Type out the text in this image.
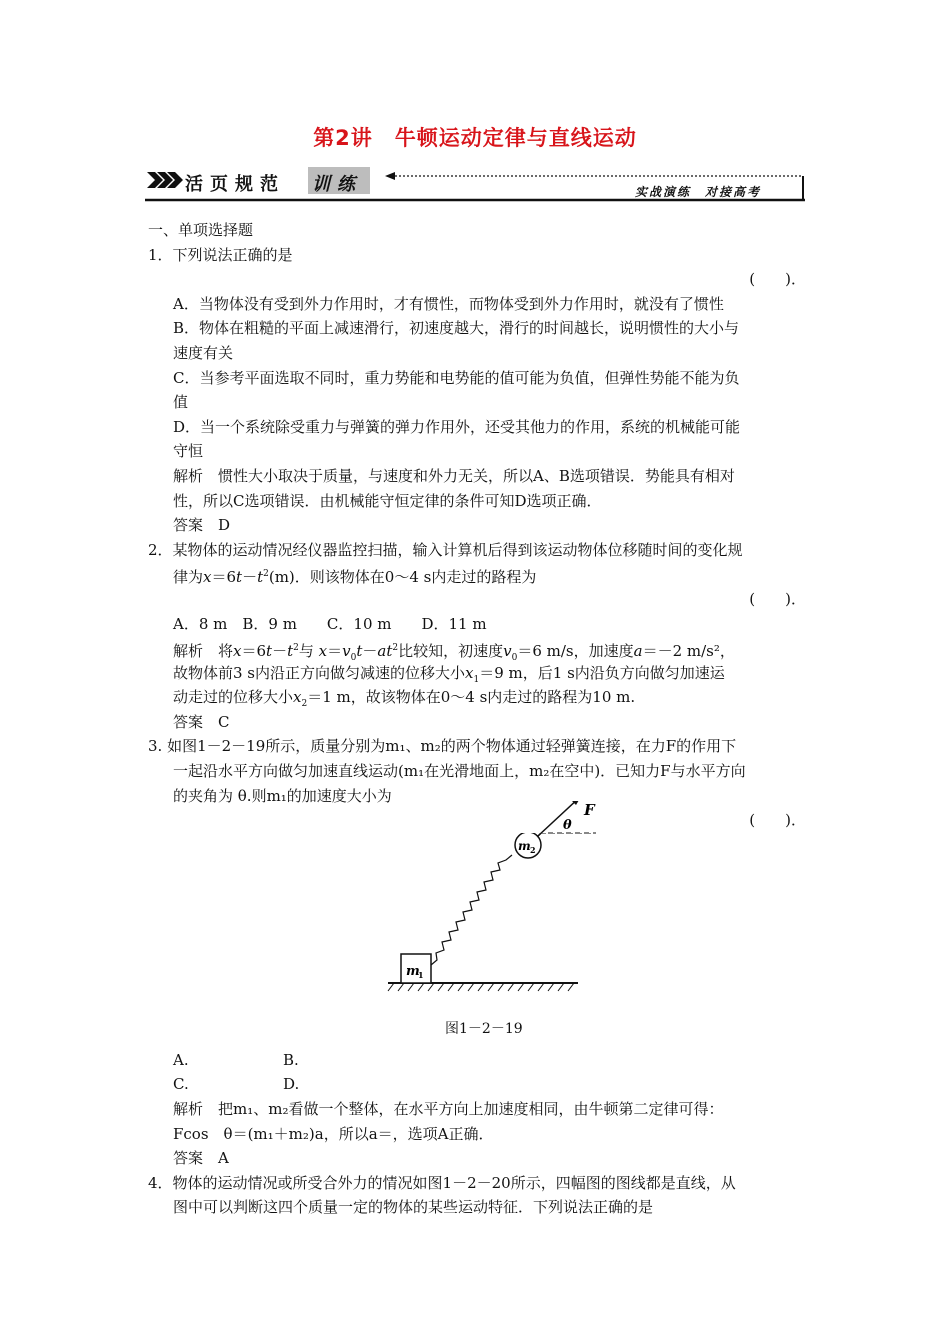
第2讲　牛顿运动定律与直线运动
活页规范 训练	实战演练　对接高考
一、单项选择题
1．下列说法正确的是
(　　)．
A．当物体没有受到外力作用时，才有惯性，而物体受到外力作用时，就没有了惯性
B．物体在粗糙的平面上减速滑行，初速度越大，滑行的时间越长，说明惯性的大小与
速度有关
C．当参考平面选取不同时，重力势能和电势能的值可能为负值，但弹性势能不能为负
值
D．当一个系统除受重力与弹簧的弹力作用外，还受其他力的作用，系统的机械能可能
守恒
解析　惯性大小取决于质量，与速度和外力无关，所以A、B选项错误．势能具有相对
性，所以C选项错误．由机械能守恒定律的条件可知D选项正确．
答案　D
2．某物体的运动情况经仪器监控扫描，输入计算机后得到该运动物体位移随时间的变化规
律为$x=6t-t^2(m)$．则该物体在0～4 s内走过的路程为
(　　)．
A．8 m　B．9 m　　C．10 m　　D．11 m
解析　将$x=6t-t^2$与 $x=v_0t-at^2$比较知，初速度$v_0=6$ m/s，加速度a＝－2 m/s²，
故物体前3 s内沿正方向做匀减速的位移大小$x_1=9$ m，后1 s内沿负方向做匀加速运
动走过的位移大小$x_2=1$ m，故该物体在0～4 s内走过的路程为10 m.
答案　C
3. 如图1－2－19所示，质量分别为m₁、m₂的两个物体通过轻弹簧连接，在力F的作用下
一起沿水平方向做匀加速直线运动(m₁在光滑地面上，m₂在空中)．已知力F与水平方向
的夹角为 θ.则m₁的加速度大小为
(　　)．
m
1
m 2
F
θ
图1－2－19
A.	B.
C.	D.
解析　把m₁、m₂看做一个整体，在水平方向上加速度相同，由牛顿第二定律可得：
Fcos　θ＝(m₁＋m₂)a，所以a＝，选项A正确．
答案　A
4．物体的运动情况或所受合外力的情况如图1－2－20所示，四幅图的图线都是直线，从
图中可以判断这四个质量一定的物体的某些运动特征．下列说法正确的是
